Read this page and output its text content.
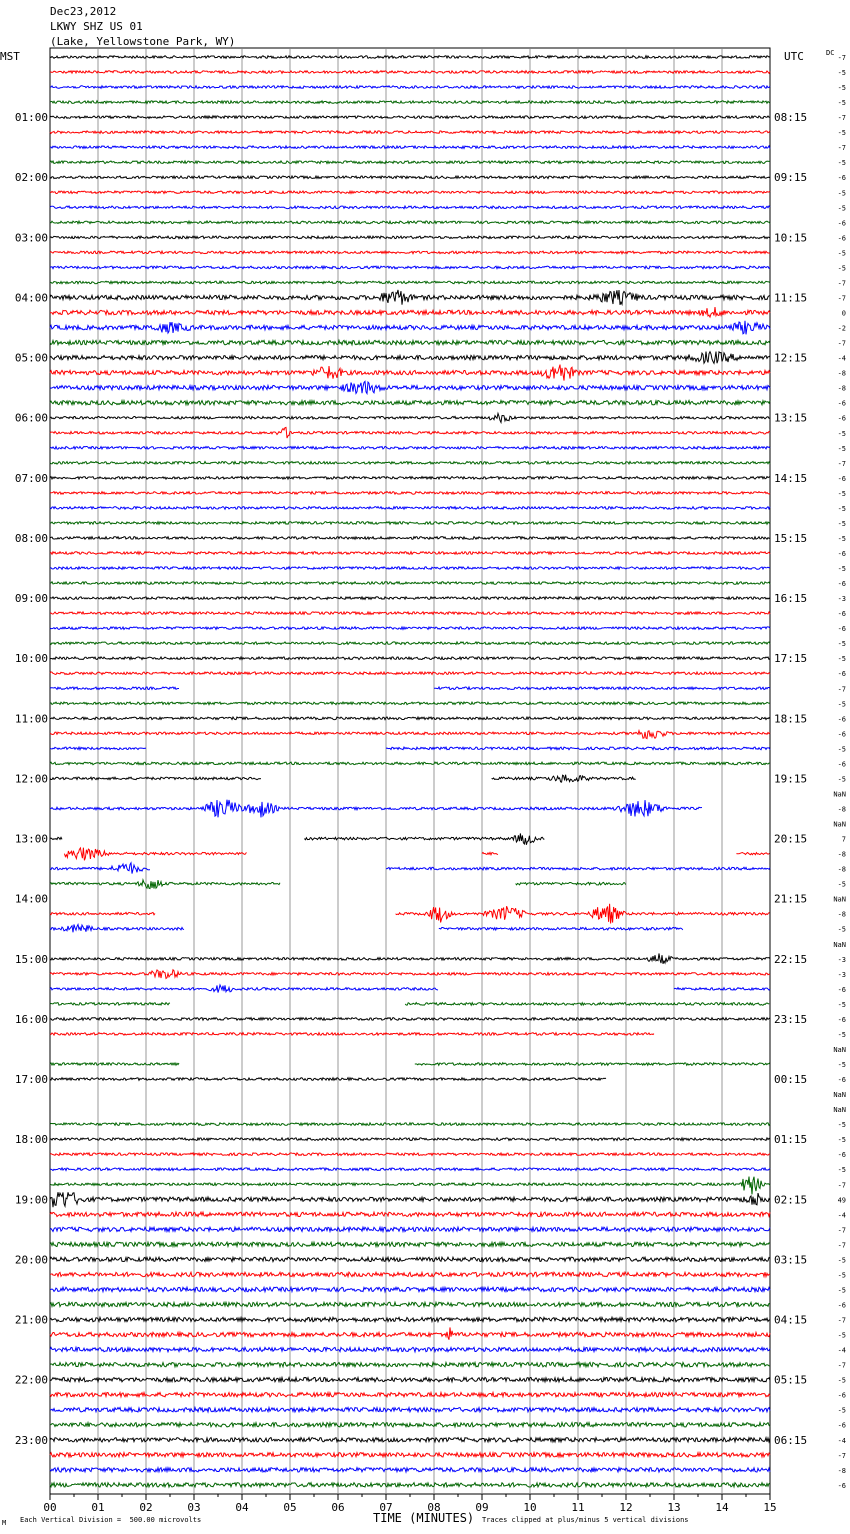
Dec23,2012
LKWY SHZ US 01
(Lake, Yellowstone Park, WY)
MST	UTC	DC
00	01	02	03	04	05	06	07	08	09	10	11	12	13	14	15
01:00
02:00
03:00
04:00
05:00
06:00
07:00
08:00
09:00
10:00
11:00
12:00
13:00
14:00
15:00
16:00
17:00
18:00
19:00
20:00
21:00
22:00
23:00
08:15
09:15
10:15
11:15
12:15
13:15
14:15
15:15
16:15
17:15
18:15
19:15
20:15
21:15
22:15
23:15
00:15
01:15
02:15
03:15
04:15
05:15
06:15
-7
-5
-5
-5
-7
-5
-7
-5
-6
-5
-5
-6
-6
-5
-5
-7
-7
0
-2
-7
-4
-8
-8
-6
-6
-5
-5
-7
-6
-5
-5
-5
-5
-6
-5
-6
-3
-6
-6
-5
-5
-6
-7
-5
-6
-6
-5
-6
-5
NaN
-8
NaN
7
-8
-8
-5
NaN
-8
-5
NaN
-3
-3
-6
-5
-6
-5
NaN
-5
-6
NaN
NaN
-5
-5
-6
-5
-7
49
-4
-7
-7
-5
-5
-5
-6
-7
-5
-4
-7
-5
-6
-5
-6
-4
-7
-8
-6
TIME (MINUTES)
M Each Vertical Division =  500.00 microvolts	Traces clipped at plus/minus 5 vertical divisions
